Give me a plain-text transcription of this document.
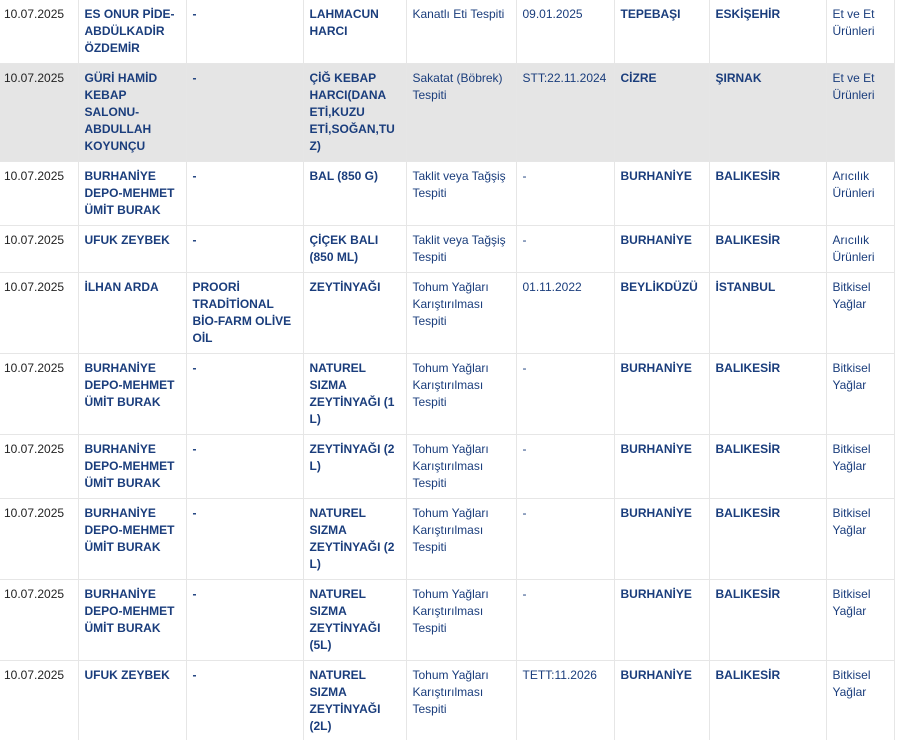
10.07.2025	ES ONUR PİDE-ABDÜLKADİR ÖZDEMİR	-	LAHMACUN HARCI	Kanatlı Eti Tespiti	09.01.2025	TEPEBAŞI	ESKİŞEHİR	Et ve Et Ürünleri
10.07.2025	GÜRİ HAMİD KEBAP SALONU-ABDULLAH KOYUNÇU	-	ÇİĞ KEBAP HARCI(DANA ETİ,KUZU ETİ,SOĞAN,TUZ)	Sakatat (Böbrek) Tespiti	STT:22.11.2024	CİZRE	ŞIRNAK	Et ve Et Ürünleri
10.07.2025	BURHANİYE DEPO-MEHMET ÜMİT BURAK	-	BAL (850 G)	Taklit veya Tağşiş Tespiti	-	BURHANİYE	BALIKESİR	Arıcılık Ürünleri
10.07.2025	UFUK ZEYBEK	-	ÇİÇEK BALI (850 ML)	Taklit veya Tağşiş Tespiti	-	BURHANİYE	BALIKESİR	Arıcılık Ürünleri
10.07.2025	İLHAN ARDA	PROORİ TRADİTİONAL BİO-FARM OLİVE OİL	ZEYTİNYAĞI	Tohum Yağları Karıştırılması Tespiti	01.11.2022	BEYLİKDÜZÜ	İSTANBUL	Bitkisel Yağlar
10.07.2025	BURHANİYE DEPO-MEHMET ÜMİT BURAK	-	NATUREL SIZMA ZEYTİNYAĞI (1 L)	Tohum Yağları Karıştırılması Tespiti	-	BURHANİYE	BALIKESİR	Bitkisel Yağlar
10.07.2025	BURHANİYE DEPO-MEHMET ÜMİT BURAK	-	ZEYTİNYAĞI (2 L)	Tohum Yağları Karıştırılması Tespiti	-	BURHANİYE	BALIKESİR	Bitkisel Yağlar
10.07.2025	BURHANİYE DEPO-MEHMET ÜMİT BURAK	-	NATUREL SIZMA ZEYTİNYAĞI (2 L)	Tohum Yağları Karıştırılması Tespiti	-	BURHANİYE	BALIKESİR	Bitkisel Yağlar
10.07.2025	BURHANİYE DEPO-MEHMET ÜMİT BURAK	-	NATUREL SIZMA ZEYTİNYAĞI (5L)	Tohum Yağları Karıştırılması Tespiti	-	BURHANİYE	BALIKESİR	Bitkisel Yağlar
10.07.2025	UFUK ZEYBEK	-	NATUREL SIZMA ZEYTİNYAĞI (2L)	Tohum Yağları Karıştırılması Tespiti	TETT:11.2026	BURHANİYE	BALIKESİR	Bitkisel Yağlar
